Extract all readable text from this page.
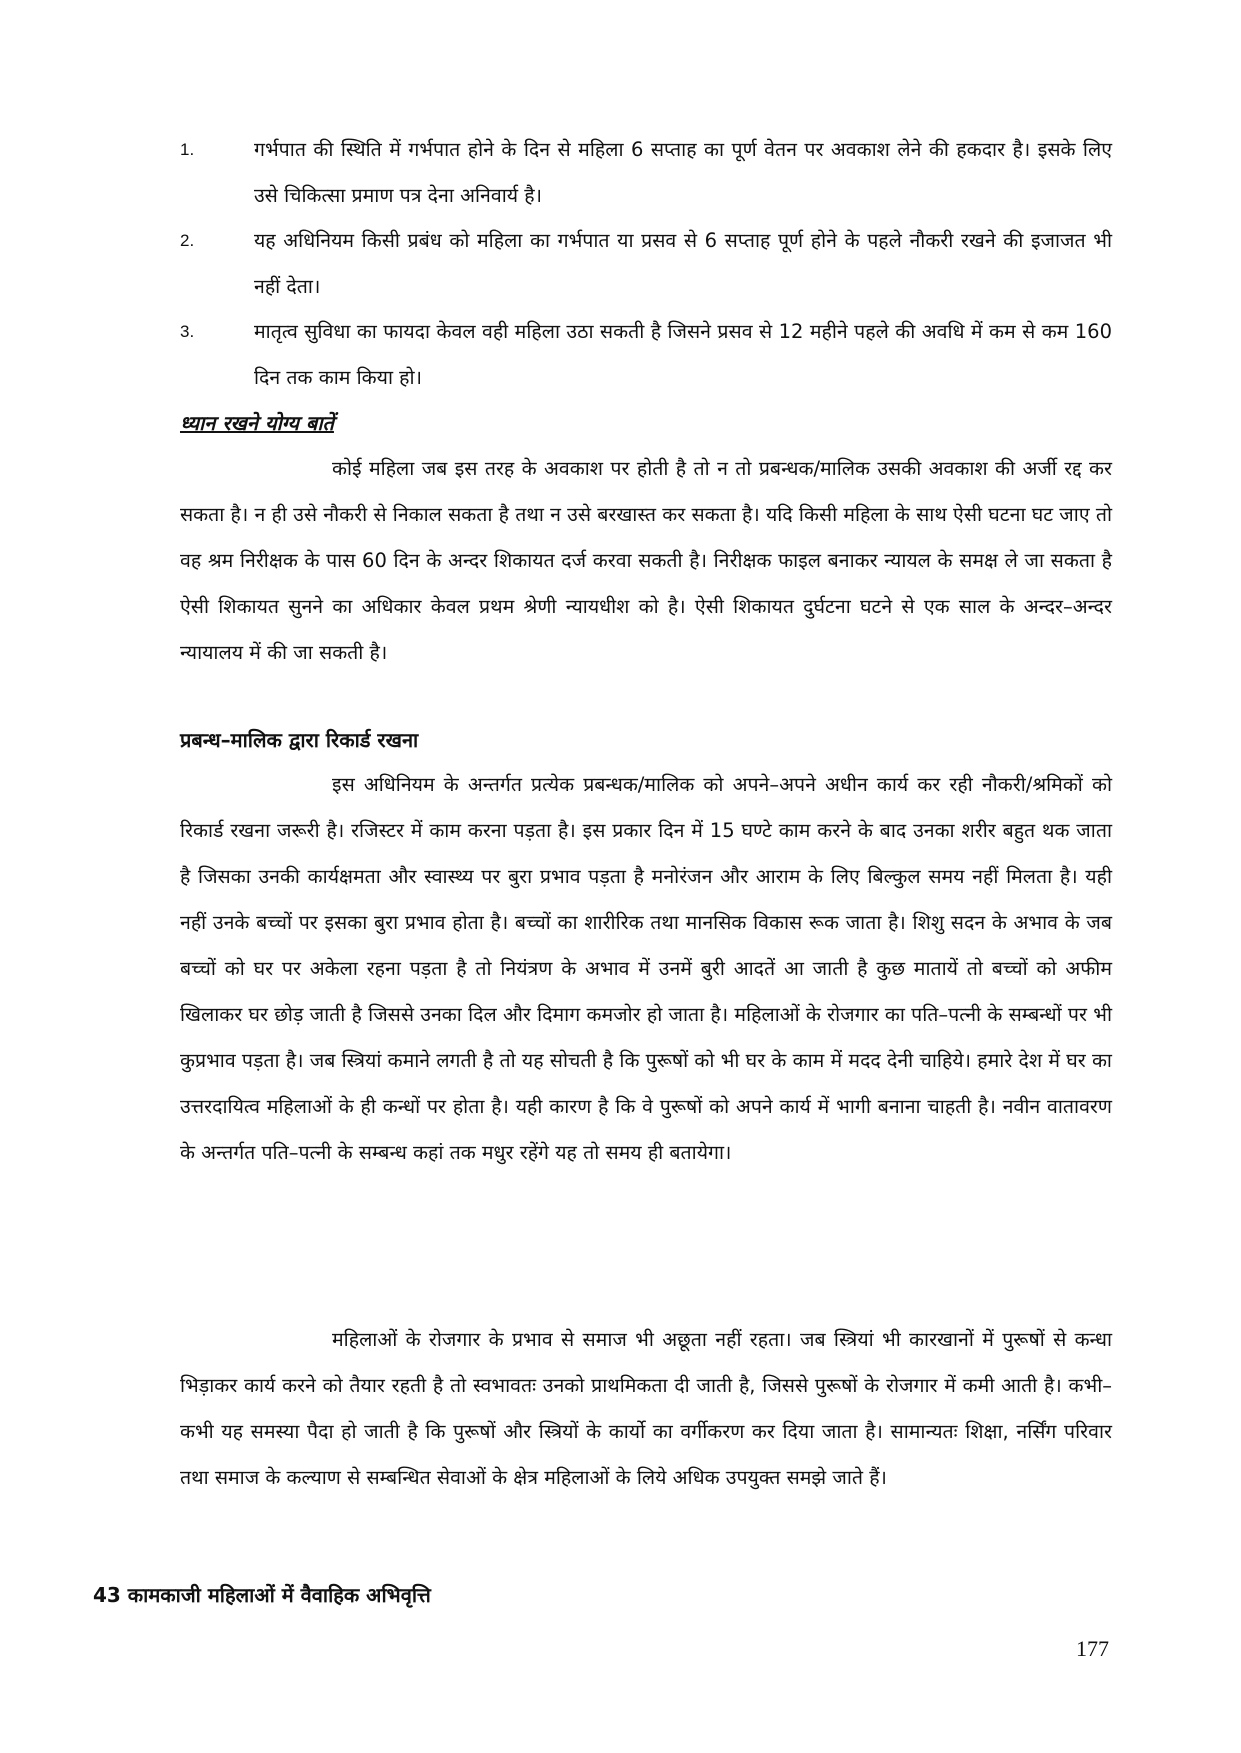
1.	गर्भपात की स्थिति में गर्भपात होने के दिन से महिला 6 सप्ताह का पूर्ण वेतन पर अवकाश लेने की हकदार है। इसके लिए उसे चिकित्सा प्रमाण पत्र देना अनिवार्य है।
2.	यह अधिनियम किसी प्रबंध को महिला का गर्भपात या प्रसव से 6 सप्ताह पूर्ण होने के पहले नौकरी रखने की इजाजत भी नहीं देता।
3.	मातृत्व सुविधा का फायदा केवल वही महिला उठा सकती है जिसने प्रसव से 12 महीने पहले की अवधि में कम से कम 160 दिन तक काम किया हो।
ध्यान रखने योग्य बातें
कोई महिला जब इस तरह के अवकाश पर होती है तो न तो प्रबन्धक/मालिक उसकी अवकाश की अर्जी रद्द कर सकता है। न ही उसे नौकरी से निकाल सकता है तथा न उसे बरखास्त कर सकता है। यदि किसी महिला के साथ ऐसी घटना घट जाए तो वह श्रम निरीक्षक के पास 60 दिन के अन्दर शिकायत दर्ज करवा सकती है। निरीक्षक फाइल बनाकर न्यायल के समक्ष ले जा सकता है ऐसी शिकायत सुनने का अधिकार केवल प्रथम श्रेणी न्यायधीश को है। ऐसी शिकायत दुर्घटना घटने से एक साल के अन्दर–अन्दर न्यायालय में की जा सकती है।
प्रबन्ध–मालिक द्वारा रिकार्ड रखना
इस अधिनियम के अन्तर्गत प्रत्येक प्रबन्धक/मालिक को अपने–अपने अधीन कार्य कर रही नौकरी/श्रमिकों को रिकार्ड रखना जरूरी है। रजिस्टर में काम करना पड़ता है। इस प्रकार दिन में 15 घण्टे काम करने के बाद उनका शरीर बहुत थक जाता है जिसका उनकी कार्यक्षमता और स्वास्थ्य पर बुरा प्रभाव पड़ता है मनोरंजन और आराम के लिए बिल्कुल समय नहीं मिलता है। यही नहीं उनके बच्चों पर इसका बुरा प्रभाव होता है। बच्चों का शारीरिक तथा मानसिक विकास रूक जाता है। शिशु सदन के अभाव के जब बच्चों को घर पर अकेला रहना पड़ता है तो नियंत्रण के अभाव में उनमें बुरी आदतें आ जाती है कुछ मातायें तो बच्चों को अफीम खिलाकर घर छोड़ जाती है जिससे उनका दिल और दिमाग कमजोर हो जाता है। महिलाओं के रोजगार का पति–पत्नी के सम्बन्धों पर भी कुप्रभाव पड़ता है। जब स्त्रियां कमाने लगती है तो यह सोचती है कि पुरूषों को भी घर के काम में मदद देनी चाहिये। हमारे देश में घर का उत्तरदायित्व महिलाओं के ही कन्धों पर होता है। यही कारण है कि वे पुरूषों को अपने कार्य में भागी बनाना चाहती है। नवीन वातावरण के अन्तर्गत पति–पत्नी के सम्बन्ध कहां तक मधुर रहेंगे यह तो समय ही बतायेगा।
महिलाओं के रोजगार के प्रभाव से समाज भी अछूता नहीं रहता। जब स्त्रियां भी कारखानों में पुरूषों से कन्धा भिड़ाकर कार्य करने को तैयार रहती है तो स्वभावतः उनको प्राथमिकता दी जाती है, जिससे पुरूषों के रोजगार में कमी आती है। कभी–कभी यह समस्या पैदा हो जाती है कि पुरूषों और स्त्रियों के कार्यो का वर्गीकरण कर दिया जाता है। सामान्यतः शिक्षा, नर्सिंग परिवार तथा समाज के कल्याण से सम्बन्धित सेवाओं के क्षेत्र महिलाओं के लिये अधिक उपयुक्त समझे जाते हैं।
43 कामकाजी महिलाओं में वैवाहिक अभिवृत्ति
177
